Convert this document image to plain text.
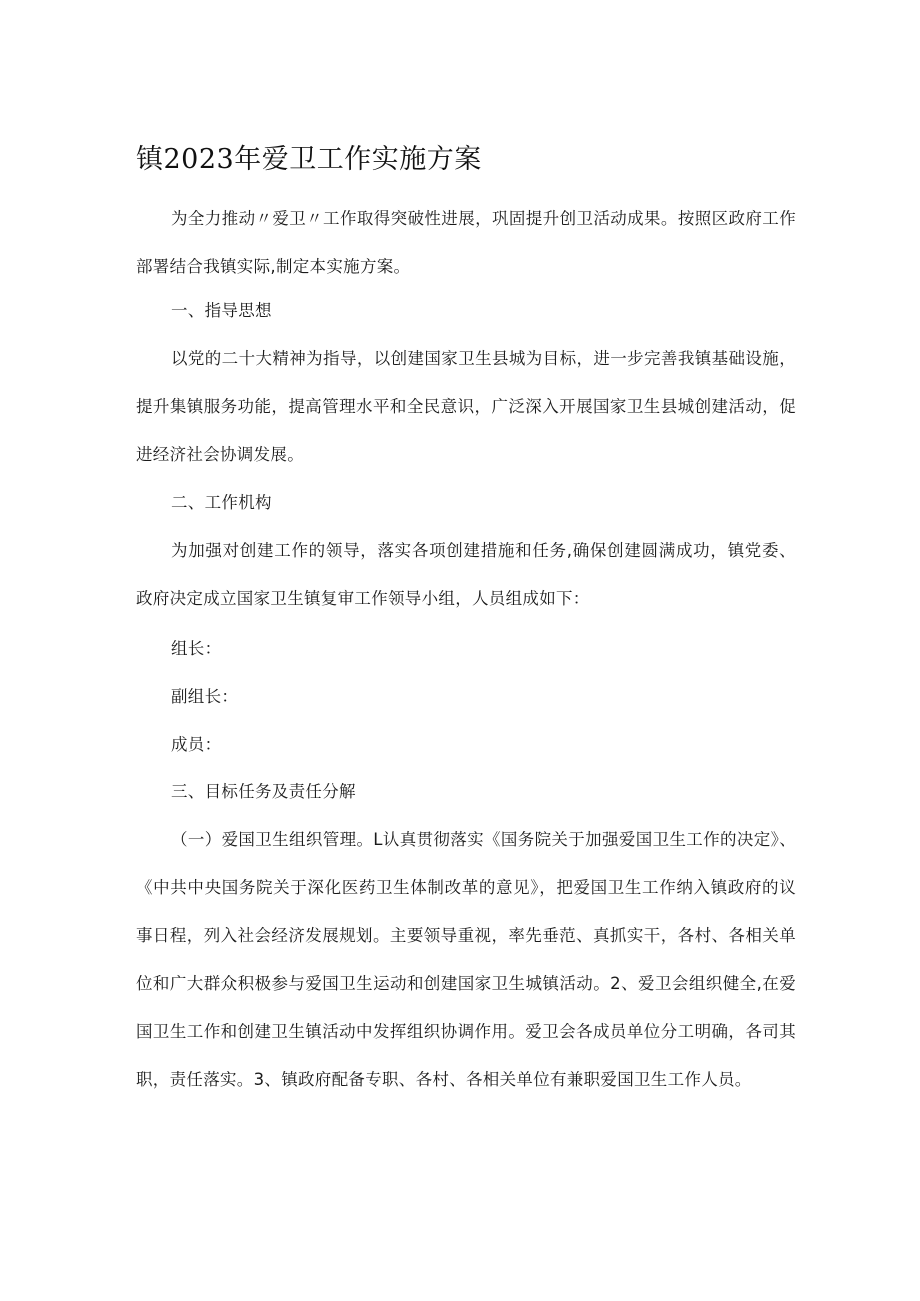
镇2023年爱卫工作实施方案

为全力推动〃爱卫〃工作取得突破性进展，巩固提升创卫活动成果。按照区政府工作部署结合我镇实际,制定本实施方案。

一、指导思想

以党的二十大精神为指导，以创建国家卫生县城为目标，进一步完善我镇基础设施，提升集镇服务功能，提高管理水平和全民意识，广泛深入开展国家卫生县城创建活动，促进经济社会协调发展。

二、工作机构

为加强对创建工作的领导，落实各项创建措施和任务,确保创建圆满成功，镇党委、政府决定成立国家卫生镇复审工作领导小组，人员组成如下：

组长：
副组长：
成员：
三、目标任务及责任分解

（一）爱国卫生组织管理。L认真贯彻落实《国务院关于加强爱国卫生工作的决定》、《中共中央国务院关于深化医药卫生体制改革的意见》，把爱国卫生工作纳入镇政府的议事日程，列入社会经济发展规划。主要领导重视，率先垂范、真抓实干，各村、各相关单位和广大群众积极参与爱国卫生运动和创建国家卫生城镇活动。2、爱卫会组织健全,在爱国卫生工作和创建卫生镇活动中发挥组织协调作用。爱卫会各成员单位分工明确，各司其职，责任落实。3、镇政府配备专职、各村、各相关单位有兼职爱国卫生工作人员。
